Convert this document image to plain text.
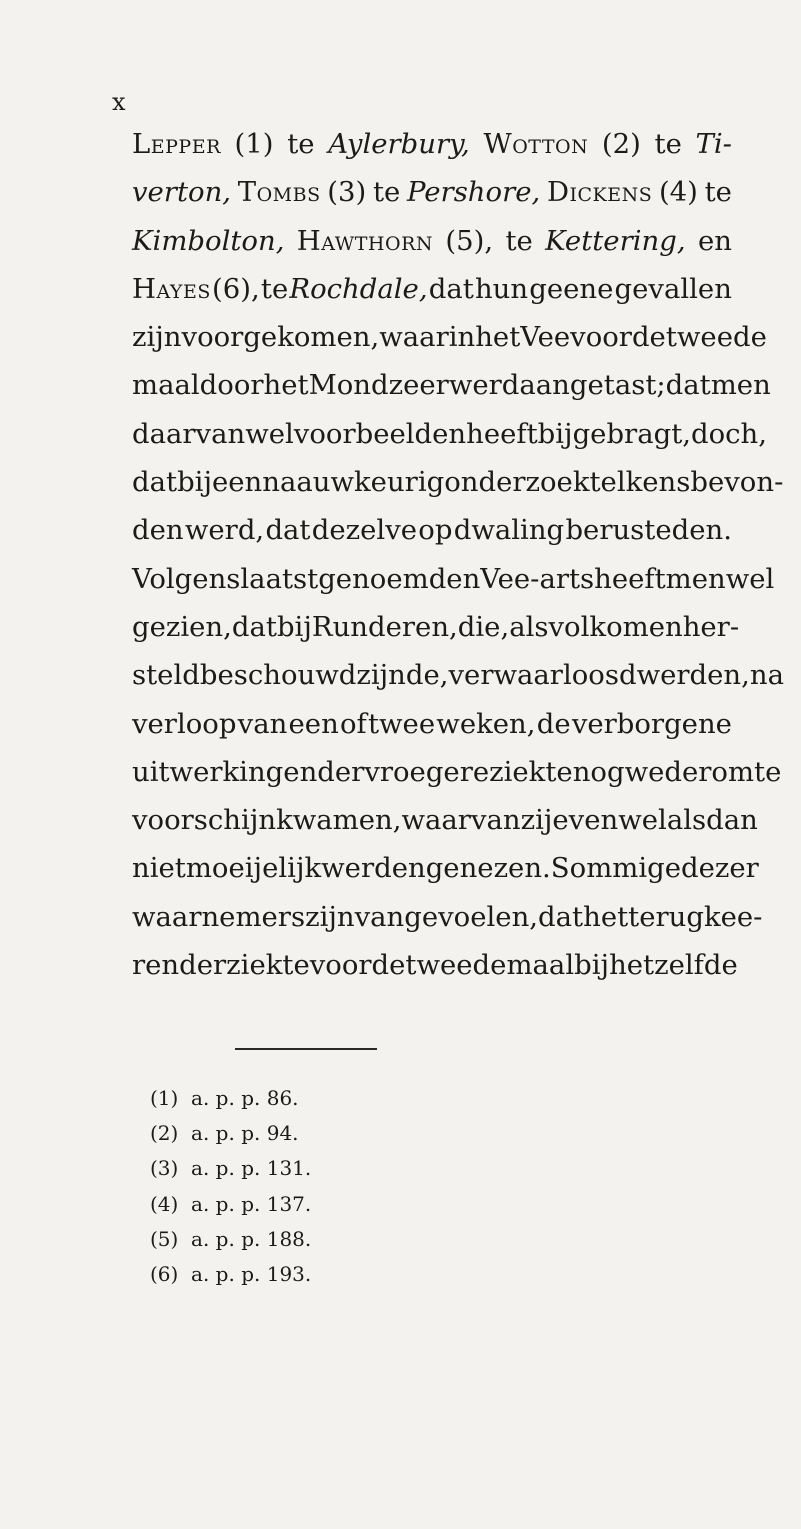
x
Lepper (1) te Aylerbury, Wotton (2) te Ti-
verton, Tombs (3) te Pershore, Dickens (4) te
Kimbolton, Hawthorn (5), te Kettering, en
Hayes (6), te Rochdale, dat hun geene gevallen
zijn voorgekomen, waarin het Vee voor de tweede
maal door het Mondzeer werd aangetast; dat men
daarvan wel voorbeelden heeft bijgebragt, doch,
dat bij een naauwkeurig onderzoek telkens bevon-
den werd, dat dezelve op dwaling berusteden.
Volgens laatstgenoemden Vee-arts heeft men wel
gezien, dat bij Runderen, die, als volkomen her-
steld beschouwd zijnde, verwaarloosd werden, na
verloop van een of twee weken, de verborgene
uitwerkingen der vroegere ziekte nog wederom te
voorschijn kwamen, waarvan zij evenwel alsdan
niet moeijelijk werden genezen. Sommige dezer
waarnemers zijn van gevoelen, dat het terugkee-
ren der ziekte voor de tweede maal bij hetzelfde
(1)  a. p. p. 86.
(2)  a. p. p. 94.
(3)  a. p. p. 131.
(4)  a. p. p. 137.
(5)  a. p. p. 188.
(6)  a. p. p. 193.
